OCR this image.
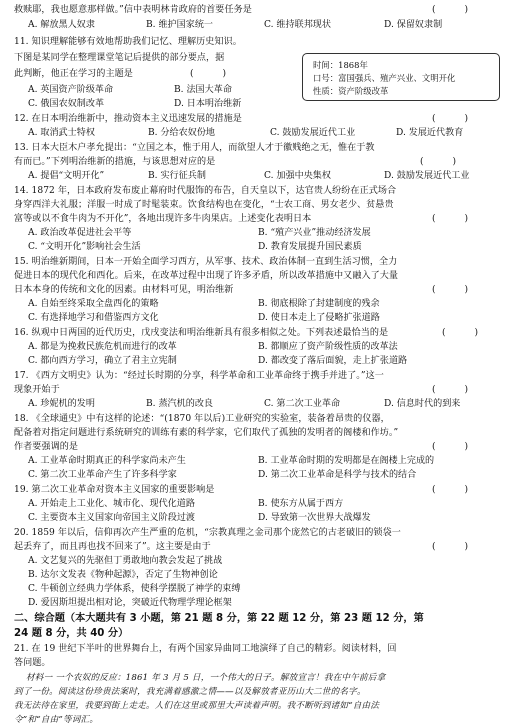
救赎耶，我也愿意那样做。”信中表明林肯政府的首要任务是	(          )
A. 解放黑人奴隶	B. 维护国家统一	C. 维持联邦现状	D. 保留奴隶制
11. 知识理解能够有效地帮助我们记忆、理解历史知识。
下图是某同学在整理课堂笔记后提供的部分要点，据
此判断，他正在学习的主题是	(          )
时间：1868年
口号：富国强兵、殖产兴业、文明开化
性质：资产阶级改革
A. 英国资产阶级革命	B. 法国大革命
C. 俄国农奴制改革	D. 日本明治维新
12. 在日本明治维新中，推动资本主义迅速发展的措施是	(          )
A. 取消武士特权	B. 分给农奴份地	C. 鼓励发展近代工业	D. 发展近代教育
13. 日本大臣木户孝允提出：“立国之本，惟于用人，而欲望人才于徽贱绝之无，惟在于教
有而已。”下列明治维新的措施，与该思想对应的是	(          )
A. 提倡“文明开化”	B. 实行征兵制	C. 加强中央集权	D. 鼓励发展近代工业
14. 1872 年，日本政府发布废止幕府时代服饰的布告，自天皇以下，达官贵人纷纷在正式场合
身穿西洋大礼服；洋服一时成了时髦装束。饮食结构也在变化，“士农工商、男女老少、贫悬贵
富等或以不食牛肉为不开化”，各地出现许多牛肉果店。上述变化表明日本	(          )
A. 政治改革促进社会平等	B. “殖产兴业”推动经济发展
C. “文明开化”影响社会生活	D. 教育发展提升国民素质
15. 明治维新期间，日本一开始全面学习西方，从军事、技术、政治体制一直到生活习惯，全力
促进日本的现代化和西化。后来，在改革过程中出现了许多矛盾，所以改革措施中又融入了大量
日本本身的传统和文化的因素。由材料可见，明治维新	(          )
A. 自始至终采取全盘西化的策略	B. 彻底根除了封建制度的残余
C. 有选择地学习和借鉴西方文化	D. 使日本走上了侵略扩张道路
16. 纵观中日两国的近代历史，戊戌变法和明治维新具有很多相似之处。下列表述最恰当的是	(          )
A. 都是为挽救民族危机而进行的改革	B. 都顺应了资产阶级性质的改革法
C. 都向西方学习，确立了君主立宪制	D. 都改变了落后面貌，走上扩张道路
17. 《西方文明史》认为：“经过长时期的分享，科学革命和工业革命终于携手并进了。”这一
现象开始于	(          )
A. 珍妮机的发明	B. 蒸汽机的改良	C. 第二次工业革命	D. 信息时代的到来
18. 《全球通史》中有这样的论述：“(1870 年以后)工业研究的实验室，装备着昂贵的仪器，
配备着对指定问题进行系统研究的训练有素的科学家，它们取代了孤独的发明者的阁楼和作坊。”
作者要强调的是	(          )
A. 工业革命时期真正的科学家尚未产生	B. 工业革命时期的发明都是在阁楼上完成的
C. 第二次工业革命产生了许多科学家	D. 第二次工业革命是科学与技术的结合
19. 第二次工业革命对资本主义国家的重要影响是	(          )
A. 开始走上工业化、城市化、现代化道路	B. 使东方从属于西方
C. 主要资本主义国家向帝国主义阶段过渡	D. 导致第一次世界大战爆发
20. 1859 年以后，信仰再次产生严重的危机，“宗教真理之金司那个庞然它的古老破旧的锁袋一
起丢弃了，而且再也找不回来了”。这主要是由于	(          )
A. 文艺复兴的先驱但丁勇敢地向教会发起了挑战
B. 达尔文发表《物种起源》，否定了生物神创论
C. 牛顿创立经典力学体系，使科学摆脱了神学的束缚
D. 爱因斯坦提出相对论，突破近代物理学理论框架
二、综合题（本大题共有 3 小题，第 21 题 8 分，第 22 题 12 分，第 23 题 12 分，第
24 题 8 分，共 40 分）
21. 在 19 世纪下半叶的世界舞台上，有两个国家异曲同工地演绎了自己的精彩。阅读材料，回
答问题。
材料一 一个农奴的反应：1861 年 3 月 5 日，一个伟大的日子。解放宣言！我在中午前后拿
到了一份。阅读这份珍贵法案时，我充满着感激之情——以及解放者亚历山大二世的名字。
我无法待在家里，我要到街上走走。人们在这里或那里大声读着声明。我不断听到诸如“自由法
令”和“自由”等词汇。
